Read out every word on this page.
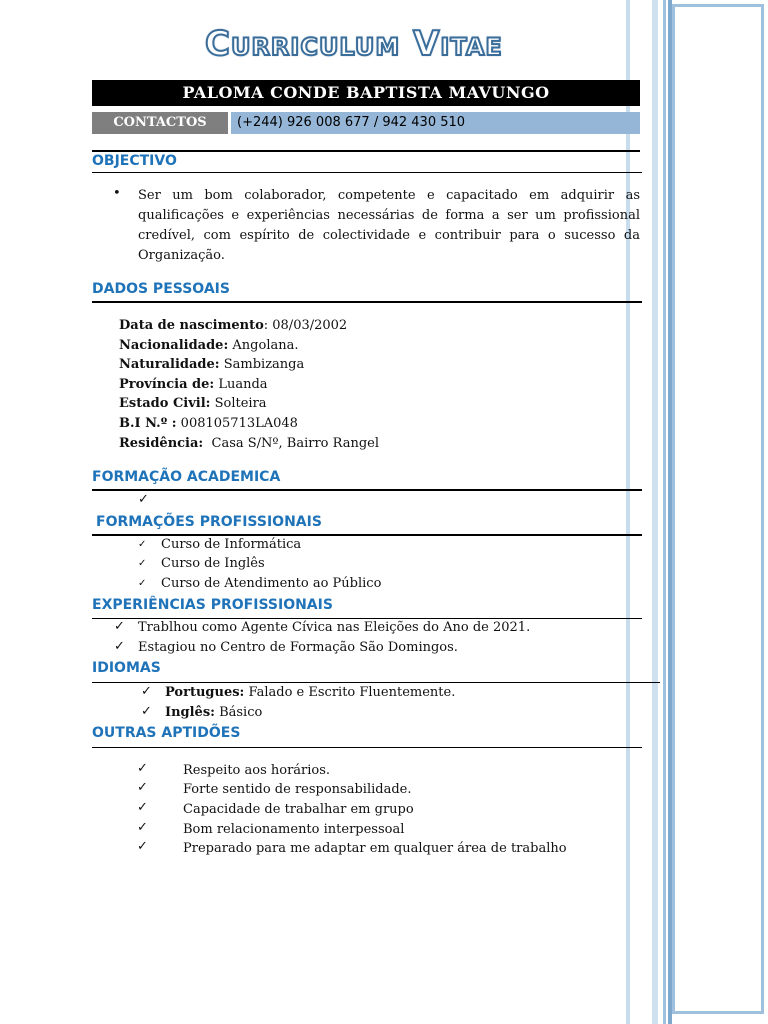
Curriculum Vitae
PALOMA CONDE BAPTISTA MAVUNGO
CONTACTOS	(+244) 926 008 677 / 942 430 510
OBJECTIVO
• Ser um bom colaborador, competente e capacitado em adquirir as qualificações e experiências necessárias de forma a ser um profissional credível, com espírito de colectividade e contribuir para o sucesso da Organização.
DADOS PESSOAIS
Data de nascimento: 08/03/2002
Nacionalidade: Angolana.
Naturalidade: Sambizanga
Província de: Luanda
Estado Civil: Solteira
B.I N.º : 008105713LA048
Residência: Casa S/Nº, Bairro Rangel
FORMAÇÃO ACADEMICA
✓
FORMAÇÕES PROFISSIONAIS
✓ Curso de Informática
✓ Curso de Inglês
✓ Curso de Atendimento ao Público
EXPERIÊNCIAS PROFISSIONAIS
✓ Trablhou como Agente Cívica nas Eleições do Ano de 2021.
✓ Estagiou no Centro de Formação São Domingos.
IDIOMAS
✓ Portugues: Falado e Escrito Fluentemente.
✓ Inglês: Básico
OUTRAS APTIDÕES
✓	Respeito aos horários.
✓	Forte sentido de responsabilidade.
✓	Capacidade de trabalhar em grupo
✓	Bom relacionamento interpessoal
✓	Preparado para me adaptar em qualquer área de trabalho
